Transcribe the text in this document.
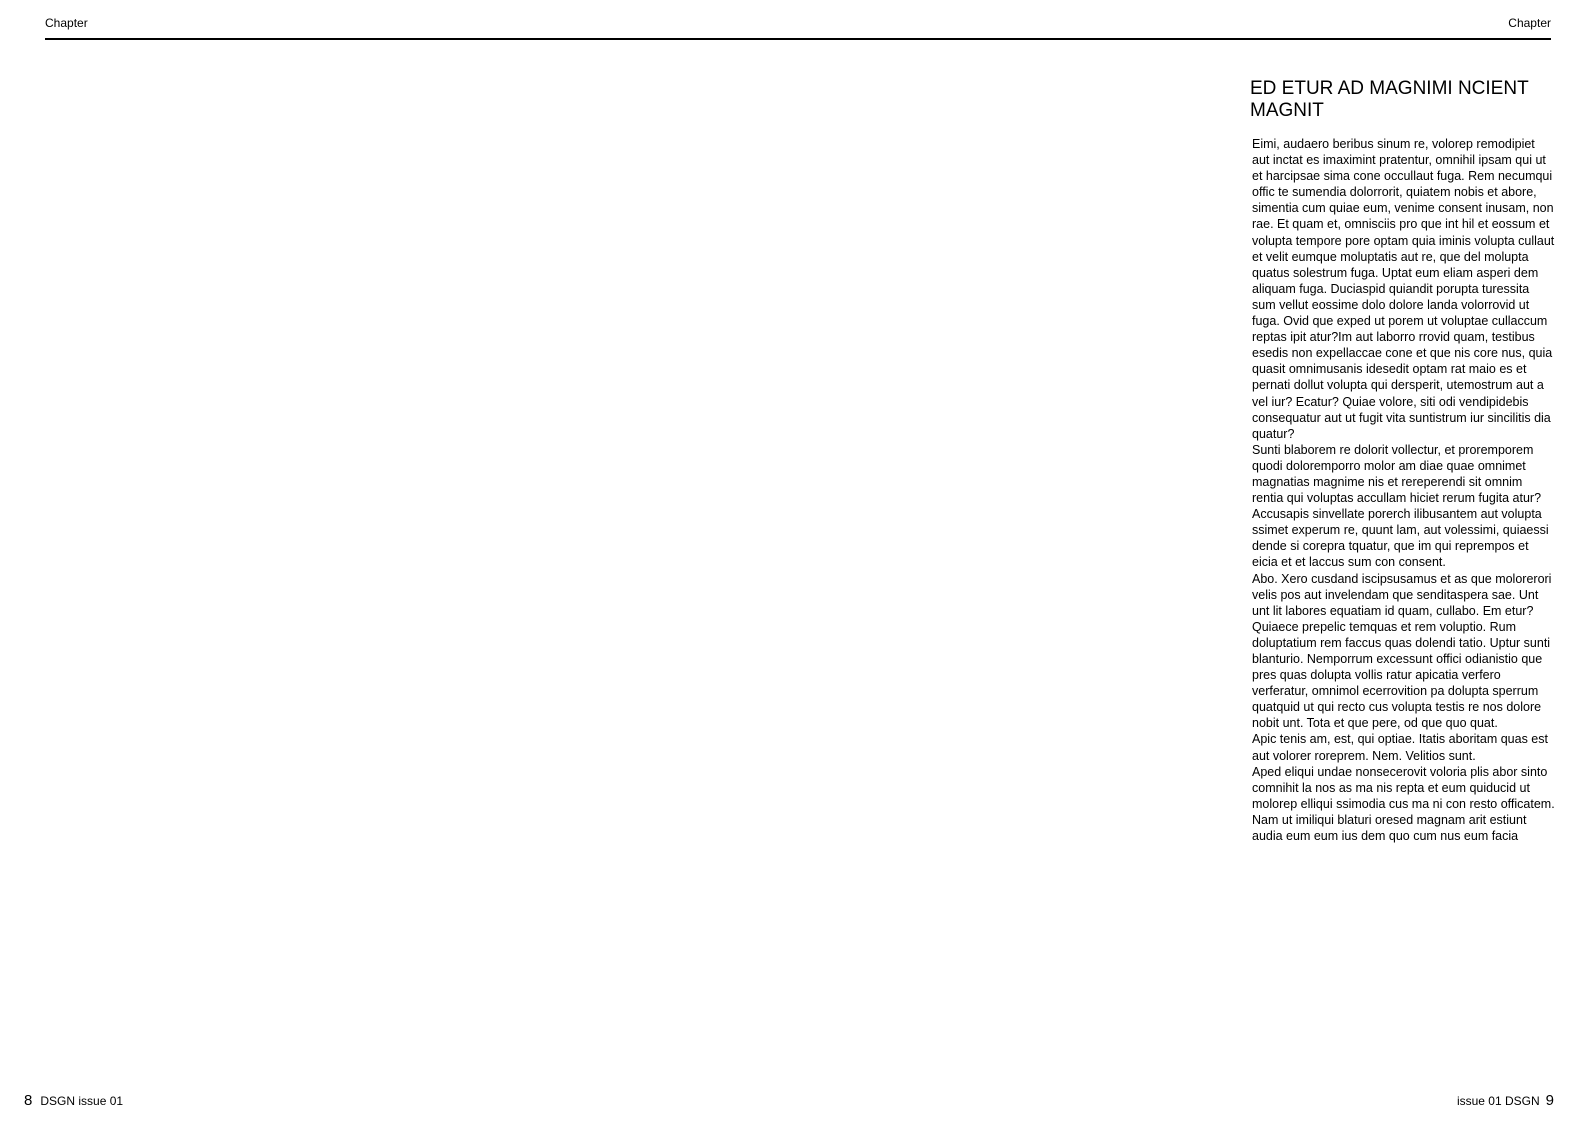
Chapter	Chapter
ED ETUR AD MAGNIMI NCIENT MAGNIT

Eimi, audaero beribus sinum re, volorep remodipiet aut inctat es imaximint pratentur, omnihil ipsam qui ut et harcipsae sima cone occullaut fuga. Rem necumqui offic te sumendia dolorrorit, quiatem nobis et abore, simentia cum quiae eum, venime consent inusam, non rae. Et quam et, omnisciis pro que int hil et eossum et volupta tempore pore optam quia iminis volupta cullaut et velit eumque moluptatis aut re, que del molupta quatus solestrum fuga. Uptat eum eliam asperi dem aliquam fuga. Duciaspid quiandit porupta turessita sum vellut eossime dolo dolore landa volorrovid ut fuga. Ovid que exped ut porem ut voluptae cullaccum reptas ipit atur?Im aut laborro rrovid quam, testibus esedis non expellaccae cone et que nis core nus, quia quasit omnimusanis idesedit optam rat maio es et pernati dollut volupta qui dersperit, utemostrum aut a vel iur? Ecatur? Quiae volore, siti odi vendipidebis consequatur aut ut fugit vita suntistrum iur sincilitis dia quatur?

Sunti blaborem re dolorit vollectur, et proremporem quodi doloremporro molor am diae quae omnimet magnatias magnime nis et rereperendi sit omnim rentia qui voluptas accullam hiciet rerum fugita atur? Accusapis sinvellate porerch ilibusantem aut volupta ssimet experum re, quunt lam, aut volessimi, quiaessi dende si corepra tquatur, que im qui reprempos et eicia et et laccus sum con consent.

Abo. Xero cusdand iscipsusamus et as que molorerori velis pos aut invelendam que senditaspera sae. Unt unt lit labores equatiam id quam, cullabo. Em etur? Quiaece prepelic temquas et rem voluptio. Rum doluptatium rem faccus quas dolendi tatio. Uptur sunti blanturio. Nemporrum excessunt offici odianistio que pres quas dolupta vollis ratur apicatia verfero verferatur, omnimol ecerrovition pa dolupta sperrum quatquid ut qui recto cus volupta testis re nos dolore nobit unt. Tota et que pere, od que quo quat.

Apic tenis am, est, qui optiae. Itatis aboritam quas est aut volorer roreprem. Nem. Velitios sunt.

Aped eliqui undae nonsecerovit voloria plis abor sinto comnihit la nos as ma nis repta et eum quiducid ut molorep elliqui ssimodia cus ma ni con resto officatem. Nam ut imiliqui blaturi oresed magnam arit estiunt audia eum eum ius dem quo cum nus eum facia

8 DSGN issue 01	issue 01 DSGN 9
